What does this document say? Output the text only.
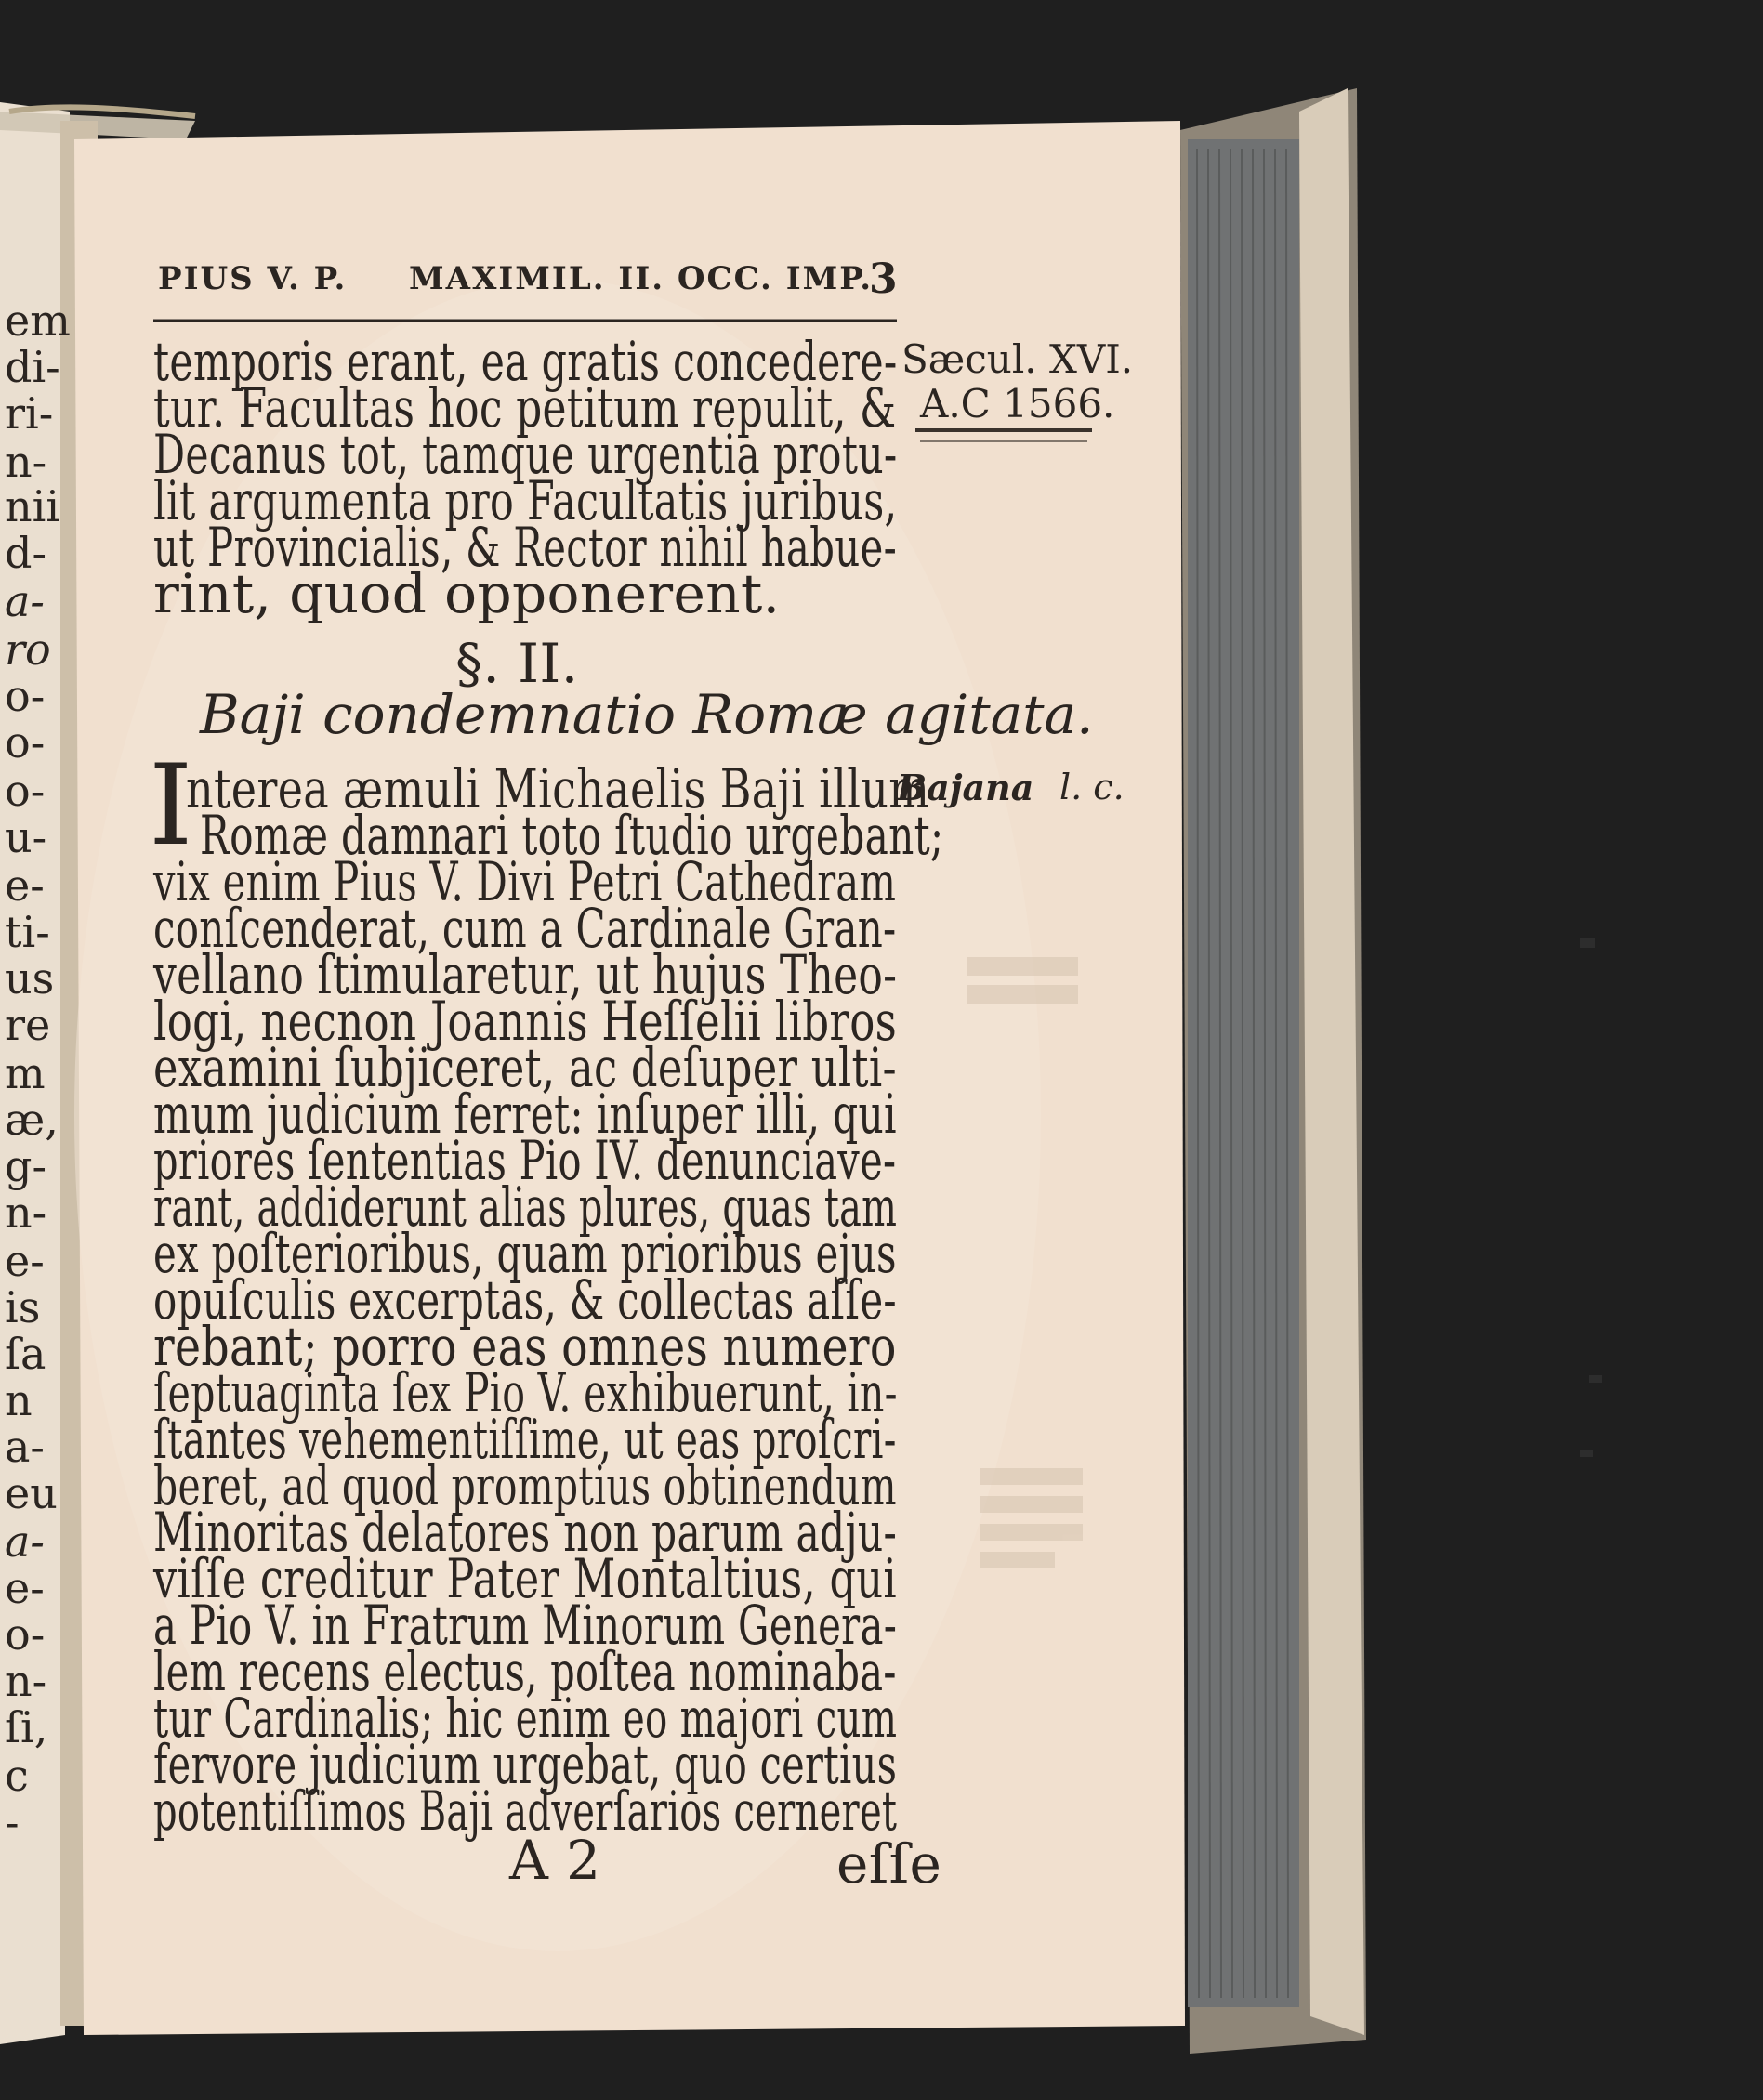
em
di-
ri-
n-
nii
d-
a-
ro
o-
o-
o-
u-
e-
ti-
us
re
m
æ,
g-
n-
e-
is
ſa
n
a-
eu
a-
e-
o-
n-
ſi,
c
-
PIUS V. P. MAXIMIL. II. OCC. IMP.
3
Sæcul. XVI.
A.C 1566.
Bajana l. c.
temporis erant, ea gratis concedere-
tur. Facultas hoc petitum repulit, &
Decanus tot, tamque urgentia protu-
lit argumenta pro Facultatis juribus,
ut Provincialis, & Rector nihil habue-
rint, quod opponerent.
§. II.
Baji condemnatio Romæ agitata.
I
nterea æmuli Michaelis Baji illum
Romæ damnari toto ſtudio urgebant;
vix enim Pius V. Divi Petri Cathedram
conſcenderat, cum a Cardinale Gran-
vellano ſtimularetur, ut hujus Theo-
logi, necnon Joannis Heſſelii libros
examini ſubjiceret, ac deſuper ulti-
mum judicium ferret: inſuper illi, qui
priores ſententias Pio IV. denunciave-
rant, addiderunt alias plures, quas tam
ex poſterioribus, quam prioribus ejus
opuſculis excerptas, & collectas aſſe-
rebant; porro eas omnes numero
ſeptuaginta ſex Pio V. exhibuerunt, in-
ſtantes vehementiſſime, ut eas proſcri-
beret, ad quod promptius obtinendum
Minoritas delatores non parum adju-
viſſe creditur Pater Montaltius, qui
a Pio V. in Fratrum Minorum Genera-
lem recens electus, poſtea nominaba-
tur Cardinalis; hic enim eo majori cum
fervore judicium urgebat, quo certius
potentiſſimos Baji adverſarios cerneret
A 2	eſſe
